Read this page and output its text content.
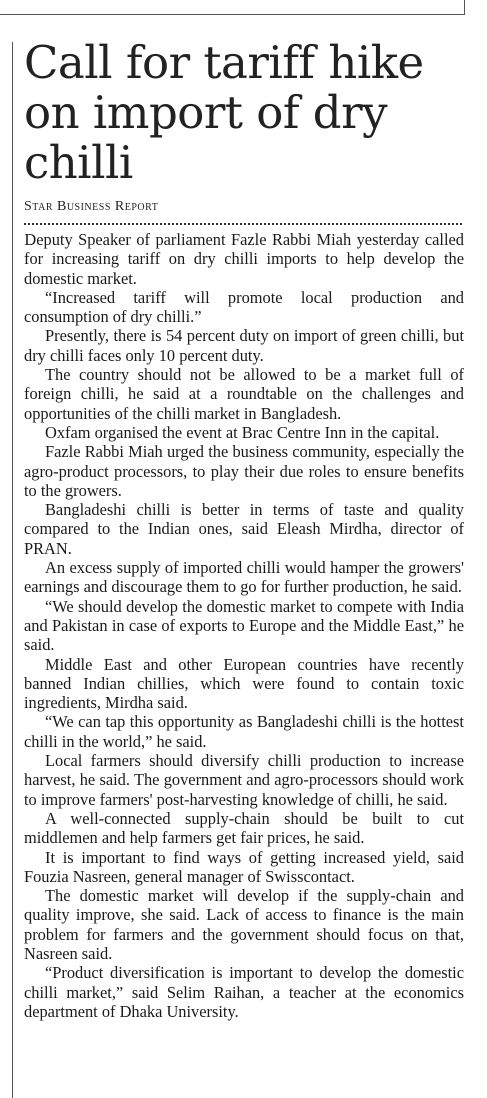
Call for tariff hike on import of dry chilli
Star Business Report

Deputy Speaker of parliament Fazle Rabbi Miah yesterday called for increasing tariff on dry chilli imports to help develop the domestic market.

“Increased tariff will promote local production and consumption of dry chilli.”

Presently, there is 54 percent duty on import of green chilli, but dry chilli faces only 10 percent duty.

The country should not be allowed to be a market full of foreign chilli, he said at a roundtable on the challenges and opportunities of the chilli market in Bangladesh.

Oxfam organised the event at Brac Centre Inn in the capital.

Fazle Rabbi Miah urged the business community, especially the agro-product processors, to play their due roles to ensure benefits to the growers.

Bangladeshi chilli is better in terms of taste and quality compared to the Indian ones, said Eleash Mirdha, director of PRAN.

An excess supply of imported chilli would hamper the growers' earnings and discourage them to go for further production, he said.

“We should develop the domestic market to compete with India and Pakistan in case of exports to Europe and the Middle East,” he said.

Middle East and other European countries have recently banned Indian chillies, which were found to contain toxic ingredients, Mirdha said.

“We can tap this opportunity as Bangladeshi chilli is the hottest chilli in the world,” he said.

Local farmers should diversify chilli production to increase harvest, he said. The government and agro-processors should work to improve farmers' post-harvesting knowledge of chilli, he said.

A well-connected supply-chain should be built to cut middlemen and help farmers get fair prices, he said.

It is important to find ways of getting increased yield, said Fouzia Nasreen, general manager of Swisscontact.

The domestic market will develop if the supply-chain and quality improve, she said. Lack of access to finance is the main problem for farmers and the government should focus on that, Nasreen said.

“Product diversification is important to develop the domestic chilli market,” said Selim Raihan, a teacher at the economics department of Dhaka University.
